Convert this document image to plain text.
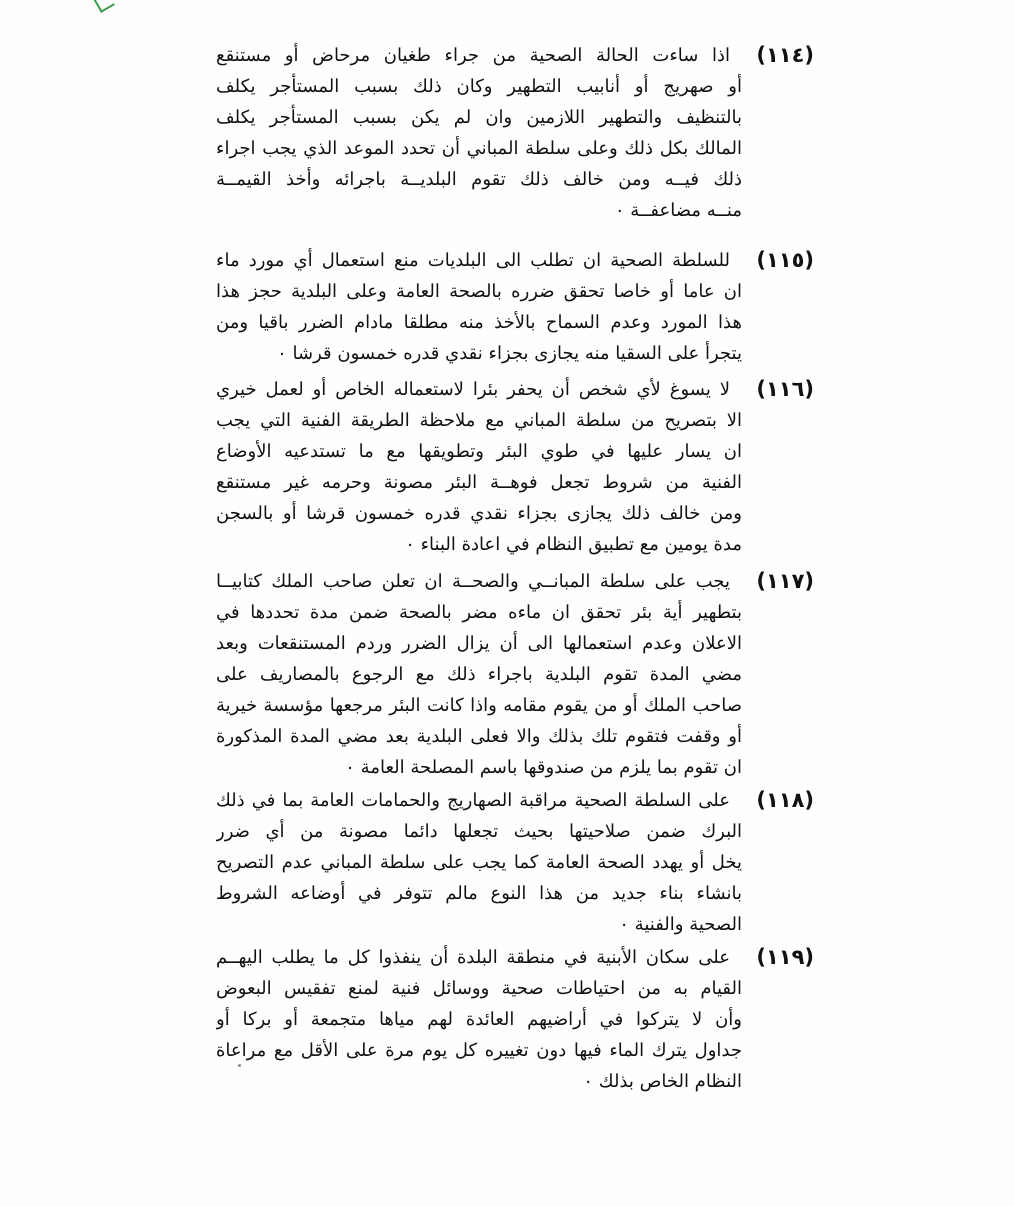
(١١٤)
اذا ساءت الحالة الصحية من جراء طغيان مرحاض أو مستنقع
أو صهريج أو أنابيب التطهير وكان ذلك بسبب المستأجر يكلف
بالتنظيف والتطهير اللازمين وان لم يكن بسبب المستأجر يكلف
المالك بكل ذلك وعلى سلطة المباني أن تحدد الموعد الذي يجب اجراء
ذلك فيــه ومن خالف ذلك تقوم البلديــة باجرائه وأخذ القيمــة
منــه مضاعفــة ٠
(١١٥)
للسلطة الصحية ان تطلب الى البلديات منع استعمال أي مورد ماء
ان عاما أو خاصا تحقق ضرره بالصحة العامة وعلى البلدية حجز هذا
هذا المورد وعدم السماح بالأخذ منه مطلقا مادام الضرر باقيا ومن
يتجرأ على السقيا منه يجازى بجزاء نقدي قدره خمسون قرشا ٠
(١١٦)
لا يسوغ لأي شخص أن يحفر بئرا لاستعماله الخاص أو لعمل خيري
الا بتصريح من سلطة المباني مع ملاحظة الطريقة الفنية التي يجب
ان يسار عليها في طوي البئر وتطويقها مع ما تستدعيه الأوضاع
الفنية من شروط تجعل فوهــة البئر مصونة وحرمه غير مستنقع
ومن خالف ذلك يجازى بجزاء نقدي قدره خمسون قرشا أو بالسجن
مدة يومين مع تطبيق النظام في اعادة البناء ٠
(١١٧)
يجب على سلطة المبانــي والصحــة ان تعلن صاحب الملك كتابيــا
بتطهير أية بئر تحقق ان ماءه مضر بالصحة ضمن مدة تحددها في
الاعلان وعدم استعمالها الى أن يزال الضرر وردم المستنقعات وبعد
مضي المدة تقوم البلدية باجراء ذلك مع الرجوع بالمصاريف على
صاحب الملك أو من يقوم مقامه واذا كانت البئر مرجعها مؤسسة خيرية
أو وقفت فتقوم تلك بذلك والا فعلى البلدية بعد مضي المدة المذكورة
ان تقوم بما يلزم من صندوقها باسم المصلحة العامة ٠
(١١٨)
على السلطة الصحية مراقبة الصهاريج والحمامات العامة بما في ذلك
البرك ضمن صلاحيتها بحيث تجعلها دائما مصونة من أي ضرر
يخل أو يهدد الصحة العامة كما يجب على سلطة المباني عدم التصريح
بانشاء بناء جديد من هذا النوع مالم تتوفر في أوضاعه الشروط
الصحية والفنية ٠
(١١٩)
على سكان الأبنية في منطقة البلدة أن ينفذوا كل ما يطلب اليهــم
القيام به من احتياطات صحية ووسائل فنية لمنع تفقيس البعوض
وأن لا يتركوا في أراضيهم العائدة لهم مياها متجمعة أو بركا أو
جداول يترك الماء فيها دون تغييره كل يوم مرة على الأقل مع مراعاة
النظام الخاص بذلك ٠
